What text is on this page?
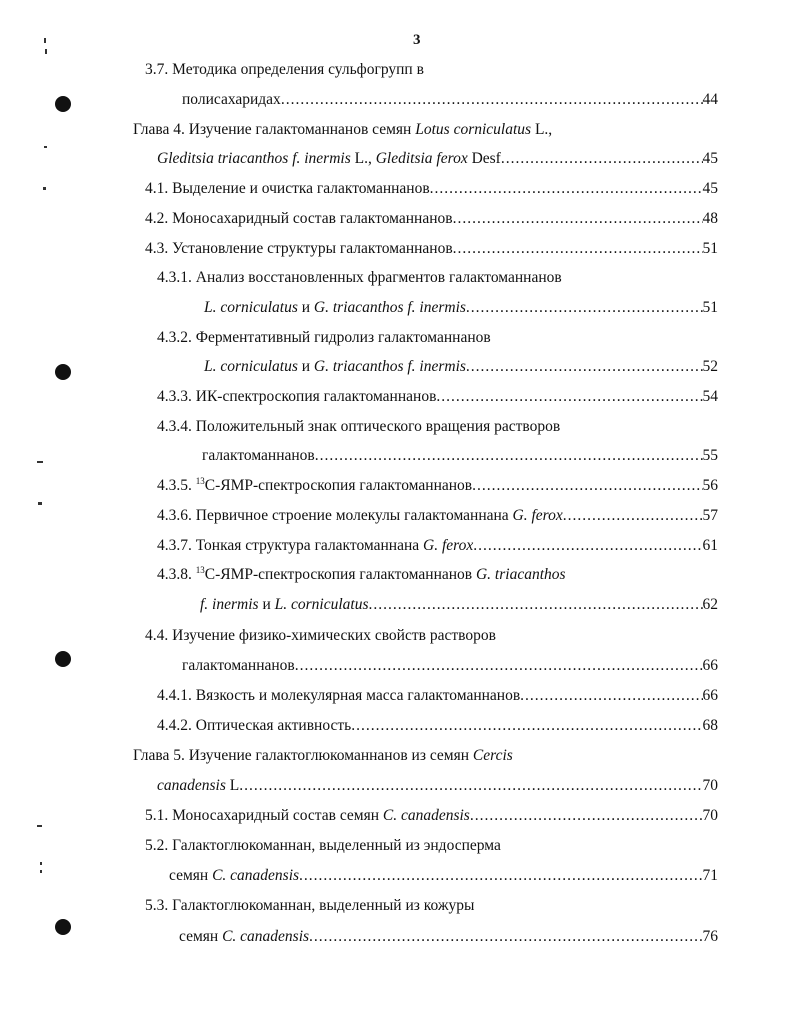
3
3.7. Методика определения сульфогрупп в
полисахаридах .....	44
Глава 4. Изучение галактоманнанов семян Lotus corniculatus L.,
Gleditsia triacanthos f. inermis L., Gleditsia ferox Desf .....	45
4.1. Выделение и очистка галактоманнанов .....	45
4.2. Моносахаридный состав галактоманнанов .....	48
4.3. Установление структуры галактоманнанов .....	51
4.3.1. Анализ восстановленных фрагментов галактоманнанов
L. corniculatus и G. triacanthos f. inermis .....	51
4.3.2. Ферментативный гидролиз галактоманнанов
L. corniculatus и G. triacanthos f. inermis .....	52
4.3.3. ИК-спектроскопия галактоманнанов .....	54
4.3.4. Положительный знак оптического вращения растворов
галактоманнанов .....	55
4.3.5. $^{13}$С-ЯМР-спектроскопия галактоманнанов .....	56
4.3.6. Первичное строение молекулы галактоманнана G. ferox .....	57
4.3.7. Тонкая структура галактоманнана G. ferox .....	61
4.3.8. $^{13}$С-ЯМР-спектроскопия галактоманнанов G. triacanthos
f. inermis и L. corniculatus .....	62
4.4. Изучение физико-химических свойств растворов
галактоманнанов .....	66
4.4.1. Вязкость и молекулярная масса галактоманнанов .....	66
4.4.2. Оптическая активность .....	68
Глава 5. Изучение галактоглюкоманнанов из семян Cercis
canadensis L .....	70
5.1. Моносахаридный состав семян C. canadensis .....	70
5.2. Галактоглюкоманнан, выделенный из эндосперма
семян C. canadensis .....	71
5.3. Галактоглюкоманнан, выделенный из кожуры
семян C. canadensis .....	76
